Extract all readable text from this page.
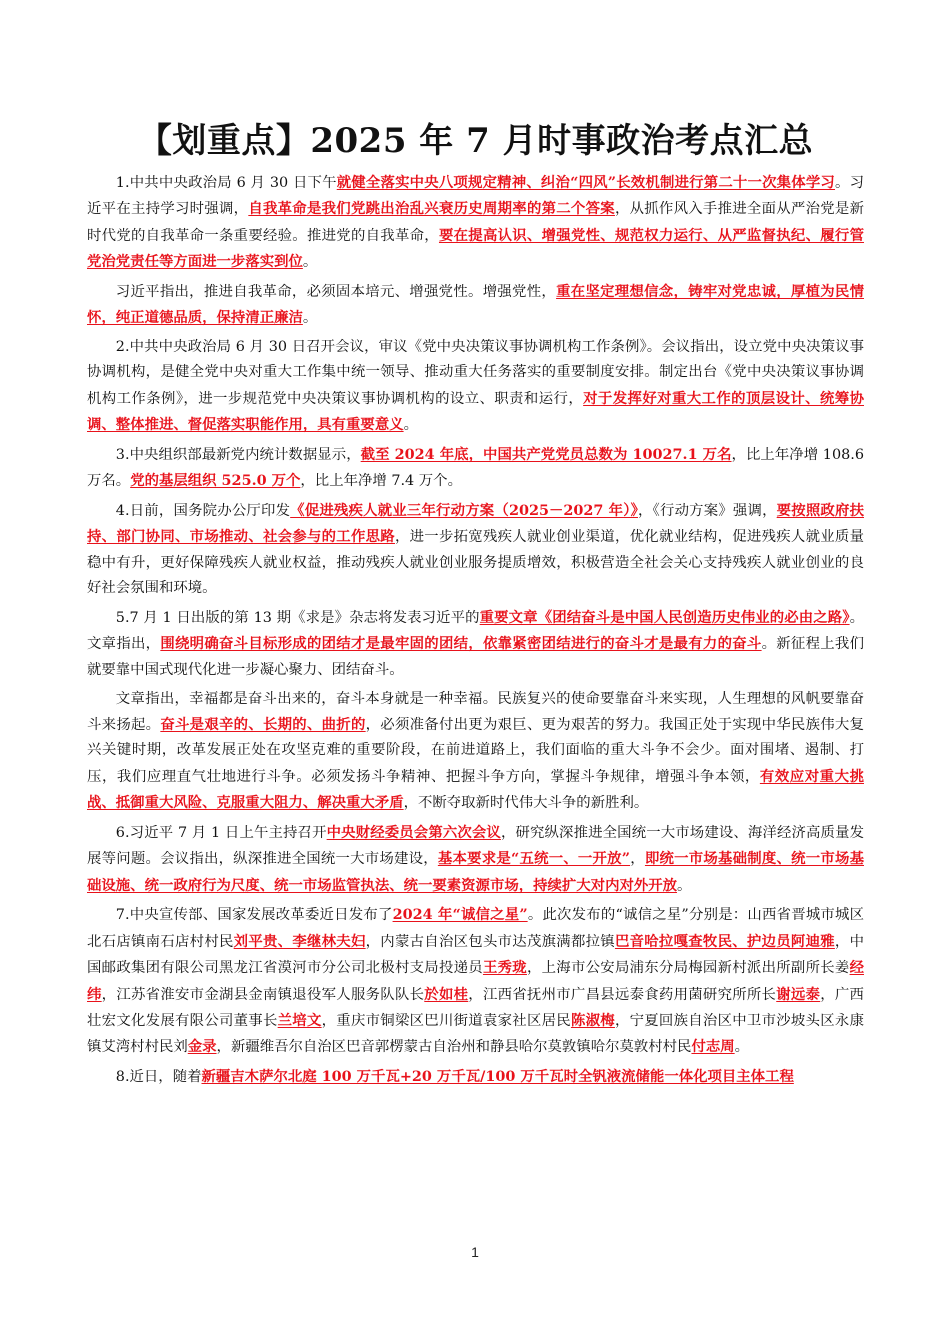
【划重点】2025 年 7 月时事政治考点汇总

1.中共中央政治局 6 月 30 日下午就健全落实中央八项规定精神、纠治“四风”长效机制进行第二十一次集体学习。习近平在主持学习时强调，自我革命是我们党跳出治乱兴衰历史周期率的第二个答案，从抓作风入手推进全面从严治党是新时代党的自我革命一条重要经验。推进党的自我革命，要在提高认识、增强党性、规范权力运行、从严监督执纪、履行管党治党责任等方面进一步落实到位。

习近平指出，推进自我革命，必须固本培元、增强党性。增强党性，重在坚定理想信念，铸牢对党忠诚，厚植为民情怀，纯正道德品质，保持清正廉洁。

2.中共中央政治局 6 月 30 日召开会议，审议《党中央决策议事协调机构工作条例》。会议指出，设立党中央决策议事协调机构，是健全党中央对重大工作集中统一领导、推动重大任务落实的重要制度安排。制定出台《党中央决策议事协调机构工作条例》，进一步规范党中央决策议事协调机构的设立、职责和运行，对于发挥好对重大工作的顶层设计、统筹协调、整体推进、督促落实职能作用，具有重要意义。

3.中央组织部最新党内统计数据显示，截至 2024 年底，中国共产党党员总数为 10027.1 万名，比上年净增 108.6 万名。党的基层组织 525.0 万个，比上年净增 7.4 万个。

4.日前，国务院办公厅印发《促进残疾人就业三年行动方案（2025－2027 年）》，《行动方案》强调，要按照政府扶持、部门协同、市场推动、社会参与的工作思路，进一步拓宽残疾人就业创业渠道，优化就业结构，促进残疾人就业质量稳中有升，更好保障残疾人就业权益，推动残疾人就业创业服务提质增效，积极营造全社会关心支持残疾人就业创业的良好社会氛围和环境。

5.7 月 1 日出版的第 13 期《求是》杂志将发表习近平的重要文章《团结奋斗是中国人民创造历史伟业的必由之路》。文章指出，围绕明确奋斗目标形成的团结才是最牢固的团结，依靠紧密团结进行的奋斗才是最有力的奋斗。新征程上我们就要靠中国式现代化进一步凝心聚力、团结奋斗。

文章指出，幸福都是奋斗出来的，奋斗本身就是一种幸福。民族复兴的使命要靠奋斗来实现，人生理想的风帆要靠奋斗来扬起。奋斗是艰辛的、长期的、曲折的，必须准备付出更为艰巨、更为艰苦的努力。我国正处于实现中华民族伟大复兴关键时期，改革发展正处在攻坚克难的重要阶段，在前进道路上，我们面临的重大斗争不会少。面对围堵、遏制、打压，我们应理直气壮地进行斗争。必须发扬斗争精神、把握斗争方向，掌握斗争规律，增强斗争本领，有效应对重大挑战、抵御重大风险、克服重大阻力、解决重大矛盾，不断夺取新时代伟大斗争的新胜利。

6.习近平 7 月 1 日上午主持召开中央财经委员会第六次会议，研究纵深推进全国统一大市场建设、海洋经济高质量发展等问题。会议指出，纵深推进全国统一大市场建设，基本要求是“五统一、一开放”，即统一市场基础制度、统一市场基础设施、统一政府行为尺度、统一市场监管执法、统一要素资源市场，持续扩大对内对外开放。

7.中央宣传部、国家发展改革委近日发布了2024 年“诚信之星”。此次发布的“诚信之星”分别是：山西省晋城市城区北石店镇南石店村村民刘平贵、李继林夫妇，内蒙古自治区包头市达茂旗满都拉镇巴音哈拉嘎查牧民、护边员阿迪雅，中国邮政集团有限公司黑龙江省漠河市分公司北极村支局投递员王秀珑，上海市公安局浦东分局梅园新村派出所副所长姜经纬，江苏省淮安市金湖县金南镇退役军人服务队队长於如桂，江西省抚州市广昌县远泰食药用菌研究所所长谢远泰，广西壮宏文化发展有限公司董事长兰培文，重庆市铜梁区巴川街道袁家社区居民陈淑梅，宁夏回族自治区中卫市沙坡头区永康镇艾湾村村民刘金录，新疆维吾尔自治区巴音郭楞蒙古自治州和静县哈尔莫敦镇哈尔莫敦村村民付志周。

8.近日，随着新疆吉木萨尔北庭 100 万千瓦+20 万千瓦/100 万千瓦时全钒液流储能一体化项目主体工程

1
